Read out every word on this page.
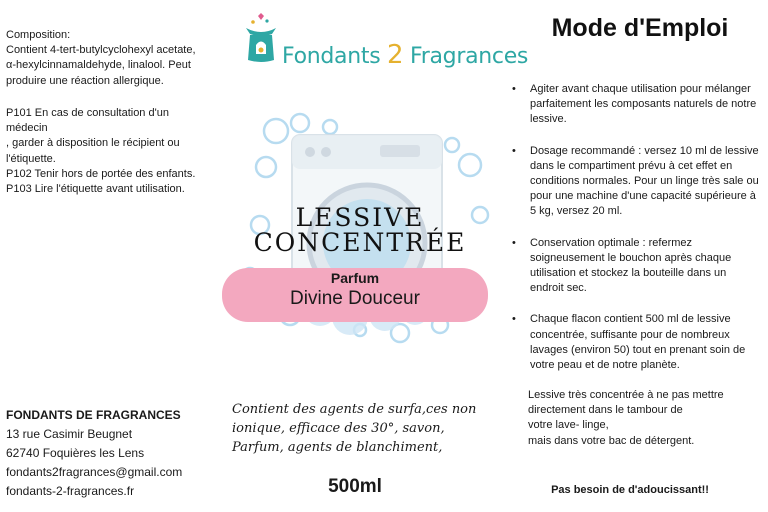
Composition:

Contient 4-tert-butylcyclohexyl acetate,

α-hexylcinnamaldehyde, linalool. Peut

produire une réaction allergique.

P101 En cas de consultation d'un

médecin

, garder à disposition le récipient ou

l'étiquette.

P102 Tenir hors de portée des enfants.

P103 Lire l'étiquette avant utilisation.

Fondants 2 Fragrances
LESSIVE
CONCENTRÉE
Parfum
Divine Douceur
Contient des agents de surfa,ces non ionique, efficace des 30°, savon, Parfum, agents de blanchiment,
500ml
FONDANTS DE FRAGRANCES
13 rue Casimir Beugnet
62740 Foquières les Lens
fondants2fragrances@gmail.com
fondants-2-fragrances.fr
Mode d'Emploi
• Agiter avant chaque utilisation pour mélanger parfaitement les composants naturels de notre lessive.
• Dosage recommandé : versez 10 ml de lessive dans le compartiment prévu à cet effet en conditions normales. Pour un linge très sale ou pour une machine d'une capacité supérieure à 5 kg, versez 20 ml.
• Conservation optimale : refermez soigneusement le bouchon après chaque utilisation et stockez la bouteille dans un endroit sec.
• Chaque flacon contient 500 ml de lessive concentrée, suffisante pour de nombreux lavages (environ 50) tout en prenant soin de votre peau et de notre planète.

Lessive très concentrée à ne pas mettre

directement dans le tambour de

votre lave- linge,

mais dans votre bac de détergent.

Pas besoin de d'adoucissant!!
